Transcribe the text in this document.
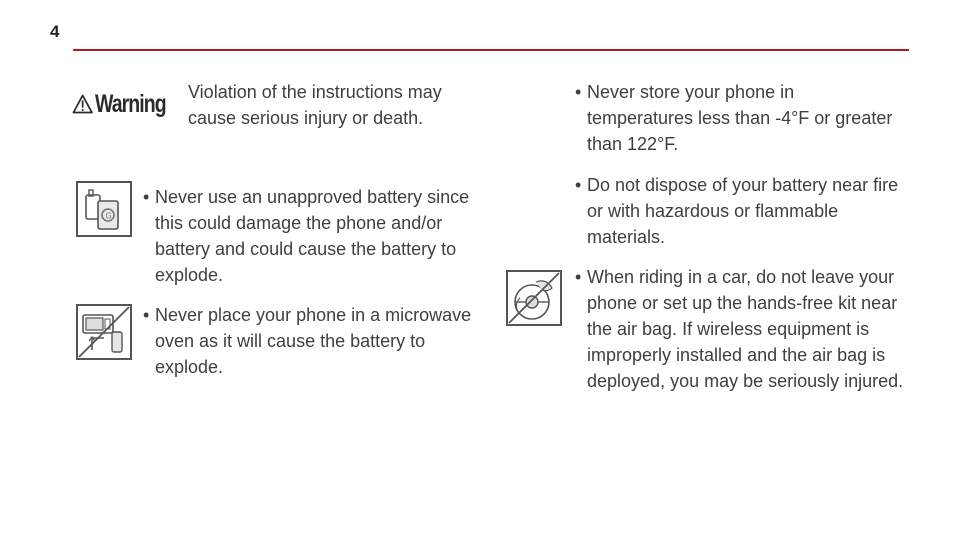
4
Warning Violation of the instructions may cause serious injury or death.
G
• Never use an unapproved battery since this could damage the phone and/or battery and could cause the battery to explode.
• Never place your phone in a microwave oven as it will cause the battery to explode.
• Never store your phone in temperatures less than -4°F or greater than 122°F.
• Do not dispose of your battery near fire or with hazardous or flammable materials.
• When riding in a car, do not leave your phone or set up the hands-free kit near the air bag. If wireless equipment is improperly installed and the air bag is deployed, you may be seriously injured.
